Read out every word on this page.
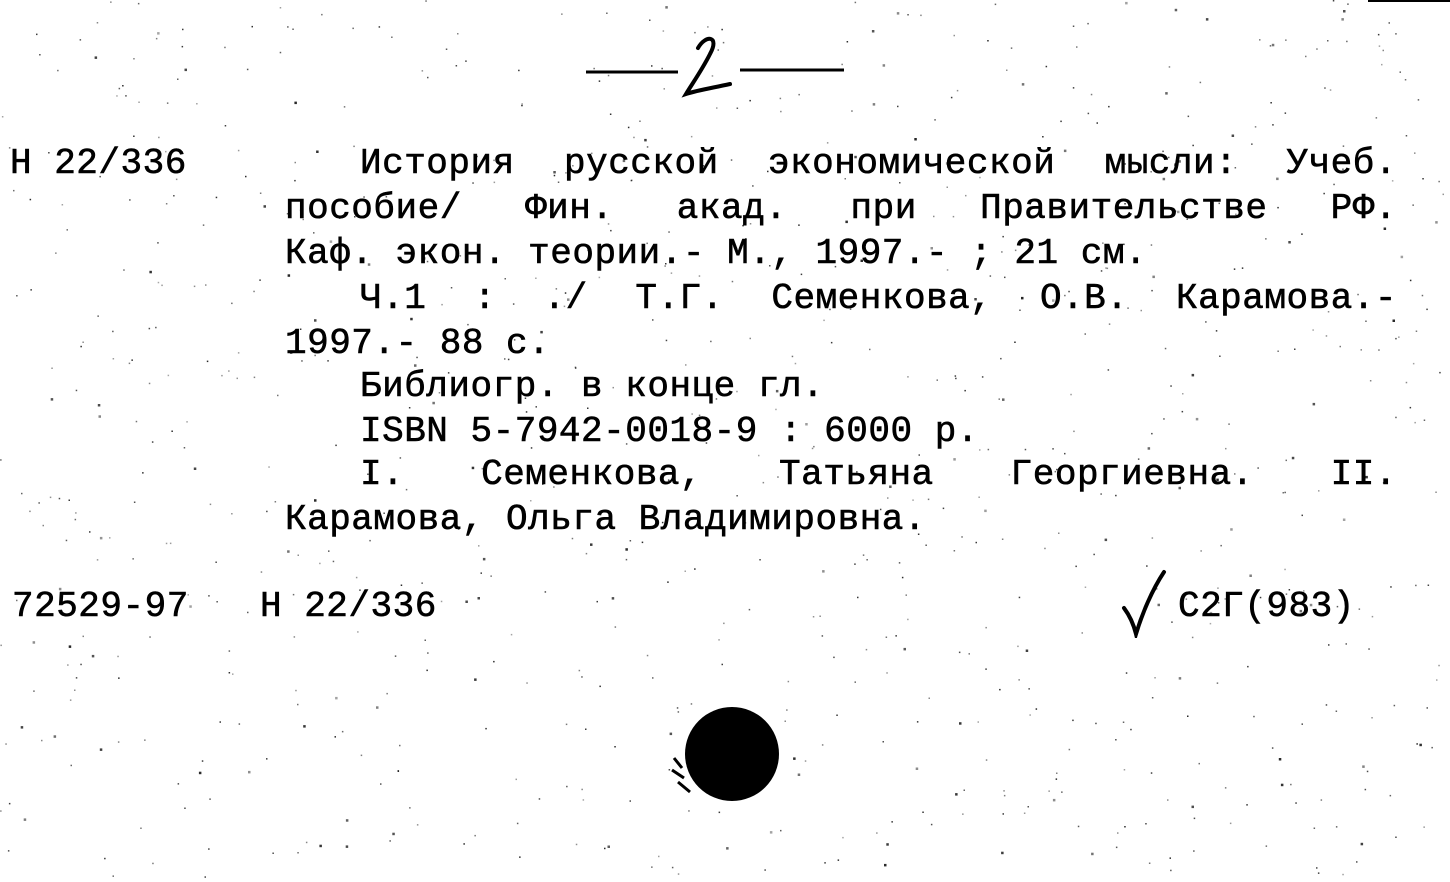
1
Н 22/336	История русской экономической мысли: Учеб.
пособие/ Фин. акад. при Правительстве РФ.
Каф. экон. теории.- М., 1997.- ; 21 см.
Ч.1 : ./ Т.Г. Семенкова, О.В. Карамова.-
1997.- 88 с.
Библиогр. в конце гл.
ISBN 5-7942-0018-9 : 6000 р.
I. Семенкова, Татьяна Георгиевна. II.
Карамова, Ольга Владимировна.
72529-97 Н 22/336	С2Г(983)
